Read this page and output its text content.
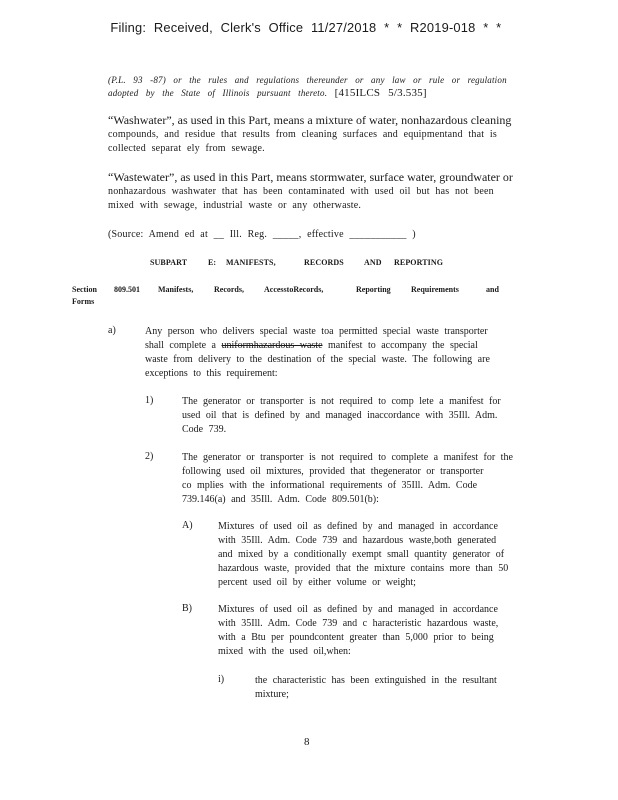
Filing: Received, Clerk's Office 11/27/2018 * * R2019-018 * *
(P.L. 93 -87) or the rules and regulations thereunder or any law or rule or regulation
adopted by the State of Illinois pursuant thereto. [415ILCS 5/3.535]
“Washwater”, as used in this Part, means a mixture of water, nonhazardous cleaning
compounds, and residue that results from cleaning surfaces and equipmentand that is
collected separat ely from sewage.
“Wastewater”, as used in this Part, means stormwater, surface water, groundwater or
nonhazardous washwater that has been contaminated with used oil but has not been
mixed with sewage, industrial waste or any otherwaste.
(Source: Amend ed at __ Ill. Reg. _____, effective ___________ )
SUBPART	E: MANIFESTS,	RECORDS	AND REPORTING
Section
Forms
809.501 Manifests,	Records,	AccesstoRecords,	Reporting	Requirements	and
a)	Any person who delivers special waste toa permitted special waste transporter
shall complete a uniformhazardous waste manifest to accompany the special
waste from delivery to the destination of the special waste. The following are
exceptions to this requirement:
1)	The generator or transporter is not required to comp lete a manifest for
used oil that is defined by and managed inaccordance with 35Ill. Adm.
Code 739.
2)	The generator or transporter is not required to complete a manifest for the
following used oil mixtures, provided that thegenerator or transporter
co mplies with the informational requirements of 35Ill. Adm. Code
739.146(a) and 35Ill. Adm. Code 809.501(b):
A)	Mixtures of used oil as defined by and managed in accordance
with 35Ill. Adm. Code 739 and hazardous waste,both generated
and mixed by a conditionally exempt small quantity generator of
hazardous waste, provided that the mixture contains more than 50
percent used oil by either volume or weight;
B)	Mixtures of used oil as defined by and managed in accordance
with 35Ill. Adm. Code 739 and c haracteristic hazardous waste,
with a Btu per poundcontent greater than 5,000 prior to being
mixed with the used oil,when:
i)	the characteristic has been extinguished in the resultant
mixture;
8
